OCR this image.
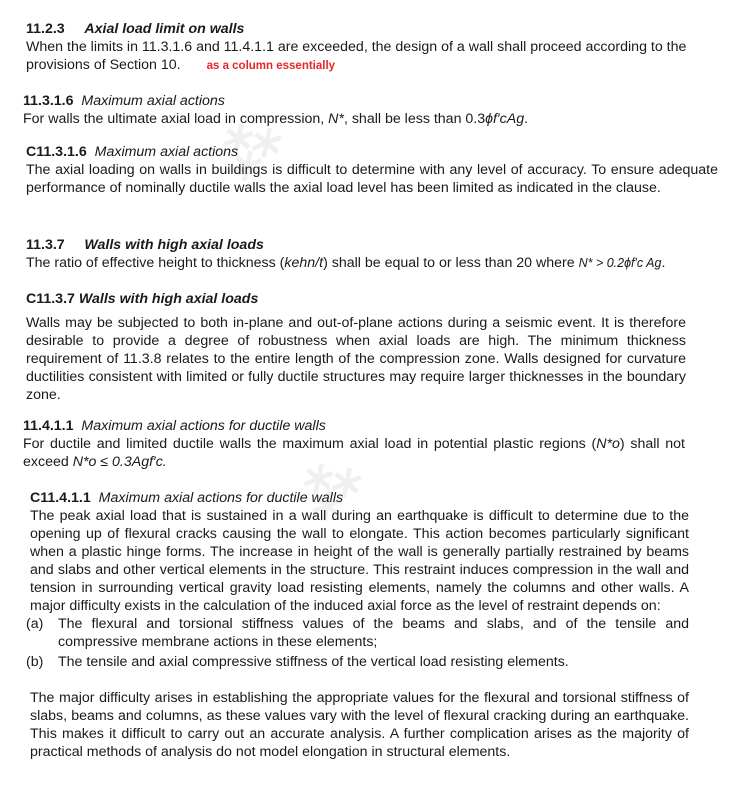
⁂
⁂
11.2.3 Axial load limit on walls

When the limits in 11.3.1.6 and 11.4.1.1 are exceeded, the design of a wall shall proceed according to the provisions of Section 10. as a column essentially

11.3.1.6 Maximum axial actions

For walls the ultimate axial load in compression, N*, shall be less than 0.3ϕf′cAg.

C11.3.1.6 Maximum axial actions

The axial loading on walls in buildings is difficult to determine with any level of accuracy. To ensure adequate performance of nominally ductile walls the axial load level has been limited as indicated in the clause.

11.3.7 Walls with high axial loads

The ratio of effective height to thickness (kehn/t) shall be equal to or less than 20 where N* > 0.2ϕf′c Ag.

C11.3.7 Walls with high axial loads

Walls may be subjected to both in-plane and out-of-plane actions during a seismic event. It is therefore desirable to provide a degree of robustness when axial loads are high. The minimum thickness requirement of 11.3.8 relates to the entire length of the compression zone. Walls designed for curvature ductilities consistent with limited or fully ductile structures may require larger thicknesses in the boundary zone.

11.4.1.1 Maximum axial actions for ductile walls

For ductile and limited ductile walls the maximum axial load in potential plastic regions (N*o) shall not exceed N*o ≤ 0.3Agf′c.

C11.4.1.1 Maximum axial actions for ductile walls

The peak axial load that is sustained in a wall during an earthquake is difficult to determine due to the opening up of flexural cracks causing the wall to elongate. This action becomes particularly significant when a plastic hinge forms. The increase in height of the wall is generally partially restrained by beams and slabs and other vertical elements in the structure. This restraint induces compression in the wall and tension in surrounding vertical gravity load resisting elements, namely the columns and other walls. A major difficulty exists in the calculation of the induced axial force as the level of restraint depends on:

(a) The flexural and torsional stiffness values of the beams and slabs, and of the tensile and compressive membrane actions in these elements;
(b) The tensile and axial compressive stiffness of the vertical load resisting elements.

The major difficulty arises in establishing the appropriate values for the flexural and torsional stiffness of slabs, beams and columns, as these values vary with the level of flexural cracking during an earthquake. This makes it difficult to carry out an accurate analysis. A further complication arises as the majority of practical methods of analysis do not model elongation in structural elements.
